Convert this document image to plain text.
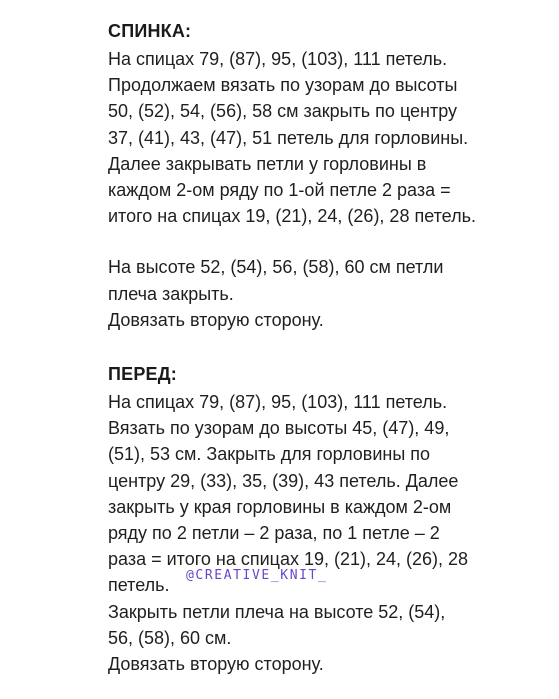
СПИНКА:

На спицах 79, (87), 95, (103), 111 петель.

Продолжаем вязать по узорам до высоты

50, (52), 54, (56), 58 см закрыть по центру

37, (41), 43, (47), 51 петель для горловины.

Далее закрывать петли у горловины в

каждом 2-ом ряду по 1-ой петле 2 раза =

итого на спицах 19, (21), 24, (26), 28 петель.

На высоте 52, (54), 56, (58), 60 см петли

плеча закрыть.

Довязать вторую сторону.

ПЕРЕД:

На спицах 79, (87), 95, (103), 111 петель.

Вязать по узорам до высоты 45, (47), 49,

(51), 53 см. Закрыть для горловины по

центру 29, (33), 35, (39), 43 петель. Далее

закрыть у края горловины в каждом 2-ом

ряду по 2 петли – 2 раза, по 1 петле – 2

раза = итого на спицах 19, (21), 24, (26), 28

петель.

Закрыть петли плеча на высоте 52, (54),

56, (58), 60 см.

Довязать вторую сторону.

@CREATIVE_KNIT_
